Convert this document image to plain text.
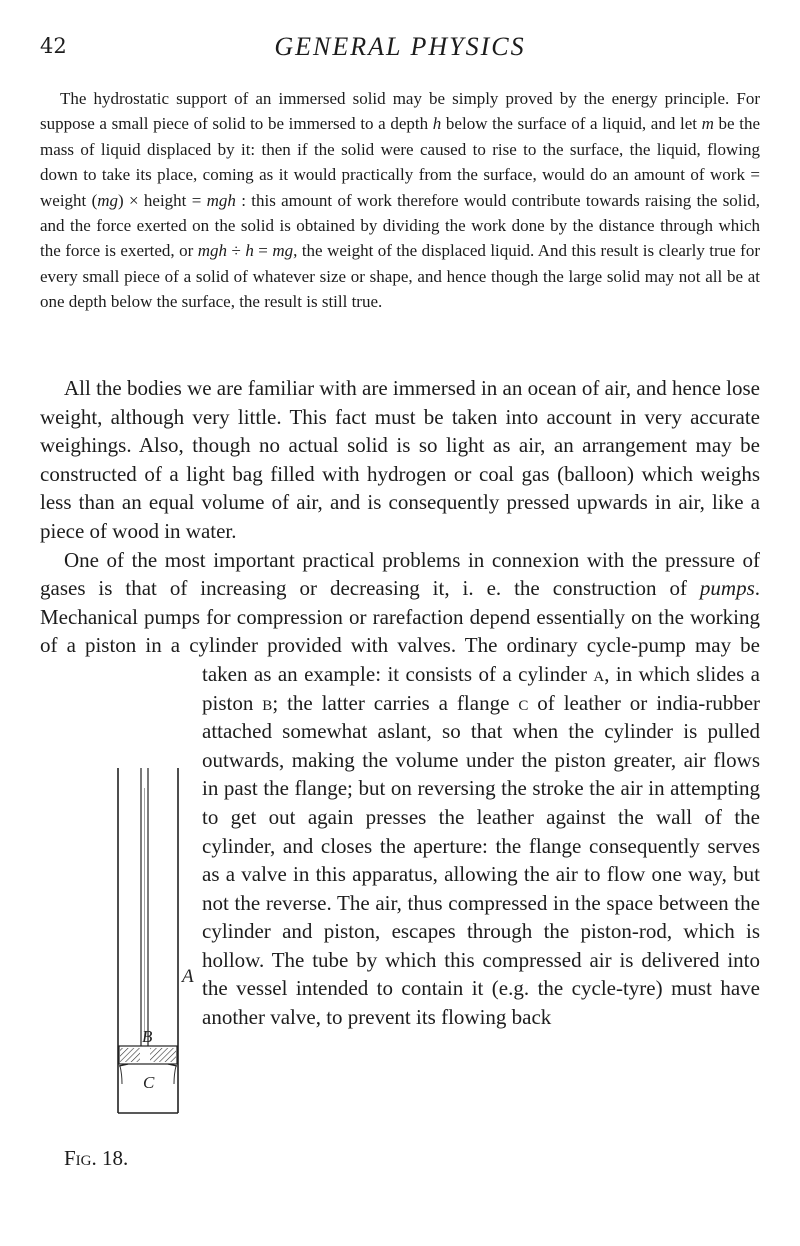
42	GENERAL PHYSICS

The hydrostatic support of an immersed solid may be simply proved by the energy principle. For suppose a small piece of solid to be immersed to a depth h below the surface of a liquid, and let m be the mass of liquid displaced by it: then if the solid were caused to rise to the surface, the liquid, flowing down to take its place, coming as it would practically from the surface, would do an amount of work = weight (mg) × height = mgh : this amount of work therefore would contribute towards raising the solid, and the force exerted on the solid is obtained by dividing the work done by the distance through which the force is exerted, or mgh ÷ h = mg, the weight of the displaced liquid. And this result is clearly true for every small piece of a solid of whatever size or shape, and hence though the large solid may not all be at one depth below the surface, the result is still true.

All the bodies we are familiar with are immersed in an ocean of air, and hence lose weight, although very little. This fact must be taken into account in very accurate weighings. Also, though no actual solid is so light as air, an arrangement may be constructed of a light bag filled with hydrogen or coal gas (balloon) which weighs less than an equal volume of air, and is consequently pressed upwards in air, like a piece of wood in water.

One of the most important practical problems in connexion with the pressure of gases is that of increasing or decreasing it, i. e. the construction of pumps. Mechanical pumps for compression or rarefaction depend essentially on the working of a piston in a cylinder provided with valves. The ordinary cycle-pump may be taken as an example: it consists of a cylinder
B
C
A
Fig. 18.
a, in which slides a piston b; the latter carries a flange c of leather or india-rubber attached somewhat aslant, so that when the cylinder is pulled outwards, making the volume under the piston greater, air flows in past the flange; but on reversing the stroke the air in attempting to get out again presses the leather against the wall of the cylinder, and closes the aperture: the flange consequently serves as a valve in this apparatus, allowing the air to flow one way, but not the reverse. The air, thus compressed in the space between the cylinder and piston, escapes through the piston-rod, which is hollow. The tube by which this compressed air is delivered into the vessel intended to contain it (e.g. the cycle-tyre) must have another valve, to prevent its flowing back
